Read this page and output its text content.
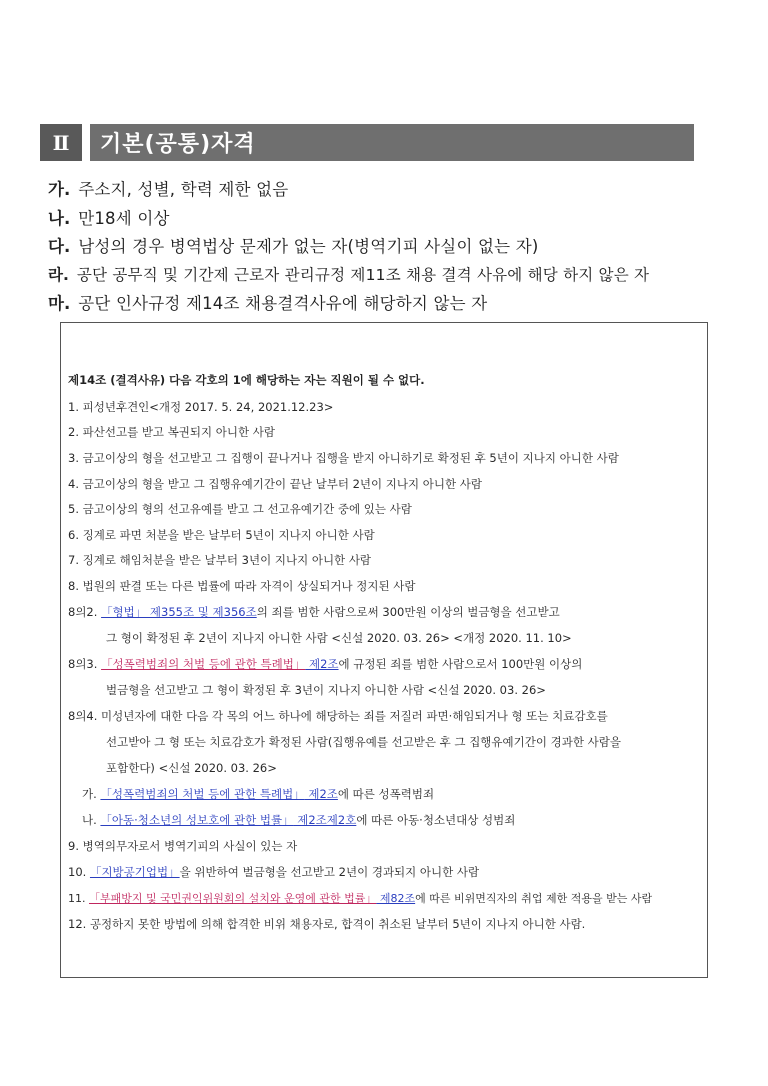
Ⅱ	기본(공통)자격
가. 주소지, 성별, 학력 제한 없음
나. 만18세 이상
다. 남성의 경우 병역법상 문제가 없는 자(병역기피 사실이 없는 자)
라. 공단 공무직 및 기간제 근로자 관리규정 제11조 채용 결격 사유에 해당 하지 않은 자
마. 공단 인사규정 제14조 채용결격사유에 해당하지 않는 자
제14조 (결격사유) 다음 각호의 1에 해당하는 자는 직원이 될 수 없다.
1. 피성년후견인<개정 2017. 5. 24, 2021.12.23>
2. 파산선고를 받고 복권되지 아니한 사람
3. 금고이상의 형을 선고받고 그 집행이 끝나거나 집행을 받지 아니하기로 확정된 후 5년이 지나지 아니한 사람
4. 금고이상의 형을 받고 그 집행유예기간이 끝난 날부터 2년이 지나지 아니한 사람
5. 금고이상의 형의 선고유예를 받고 그 선고유예기간 중에 있는 사람
6. 징계로 파면 처분을 받은 날부터 5년이 지나지 아니한 사람
7. 징계로 해임처분을 받은 날부터 3년이 지나지 아니한 사람
8. 법원의 판결 또는 다른 법률에 따라 자격이 상실되거나 정지된 사람
8의2. 「형법」 제355조 및 제356조의 죄를 범한 사람으로써 300만원 이상의 벌금형을 선고받고
그 형이 확정된 후 2년이 지나지 아니한 사람 <신설 2020. 03. 26> <개정 2020. 11. 10>
8의3. 「성폭력범죄의 처벌 등에 관한 특례법」 제2조에 규정된 죄를 범한 사람으로서 100만원 이상의
벌금형을 선고받고 그 형이 확정된 후 3년이 지나지 아니한 사람 <신설 2020. 03. 26>
8의4. 미성년자에 대한 다음 각 목의 어느 하나에 해당하는 죄를 저질러 파면·해임되거나 형 또는 치료감호를
선고받아 그 형 또는 치료감호가 확정된 사람(집행유예를 선고받은 후 그 집행유예기간이 경과한 사람을
포함한다) <신설 2020. 03. 26>
가. 「성폭력범죄의 처벌 등에 관한 특례법」 제2조에 따른 성폭력범죄
나. 「아동·청소년의 성보호에 관한 법률」 제2조제2호에 따른 아동·청소년대상 성범죄
9. 병역의무자로서 병역기피의 사실이 있는 자
10. 「지방공기업법」을 위반하여 벌금형을 선고받고 2년이 경과되지 아니한 사람
11. 「부패방지 및 국민권익위원회의 설치와 운영에 관한 법률」 제82조에 따른 비위면직자의 취업 제한 적용을 받는 사람
12. 공정하지 못한 방법에 의해 합격한 비위 채용자로, 합격이 취소된 날부터 5년이 지나지 아니한 사람.
